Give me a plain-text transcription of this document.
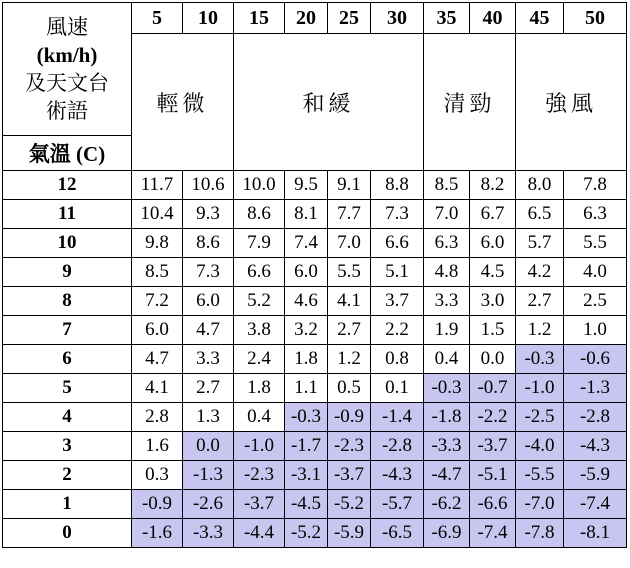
風速
(km/h)
及天文台
術語	5	10	15	20	25	30	35	40	45	50
	輕微		和緩				清勁		強風	
氣溫 (C)										
12	11.7	10.6	10.0	9.5	9.1	8.8	8.5	8.2	8.0	7.8
11	10.4	9.3	8.6	8.1	7.7	7.3	7.0	6.7	6.5	6.3
10	9.8	8.6	7.9	7.4	7.0	6.6	6.3	6.0	5.7	5.5
9	8.5	7.3	6.6	6.0	5.5	5.1	4.8	4.5	4.2	4.0
8	7.2	6.0	5.2	4.6	4.1	3.7	3.3	3.0	2.7	2.5
7	6.0	4.7	3.8	3.2	2.7	2.2	1.9	1.5	1.2	1.0
6	4.7	3.3	2.4	1.8	1.2	0.8	0.4	0.0	-0.3	-0.6
5	4.1	2.7	1.8	1.1	0.5	0.1	-0.3	-0.7	-1.0	-1.3
4	2.8	1.3	0.4	-0.3	-0.9	-1.4	-1.8	-2.2	-2.5	-2.8
3	1.6	0.0	-1.0	-1.7	-2.3	-2.8	-3.3	-3.7	-4.0	-4.3
2	0.3	-1.3	-2.3	-3.1	-3.7	-4.3	-4.7	-5.1	-5.5	-5.9
1	-0.9	-2.6	-3.7	-4.5	-5.2	-5.7	-6.2	-6.6	-7.0	-7.4
0	-1.6	-3.3	-4.4	-5.2	-5.9	-6.5	-6.9	-7.4	-7.8	-8.1
